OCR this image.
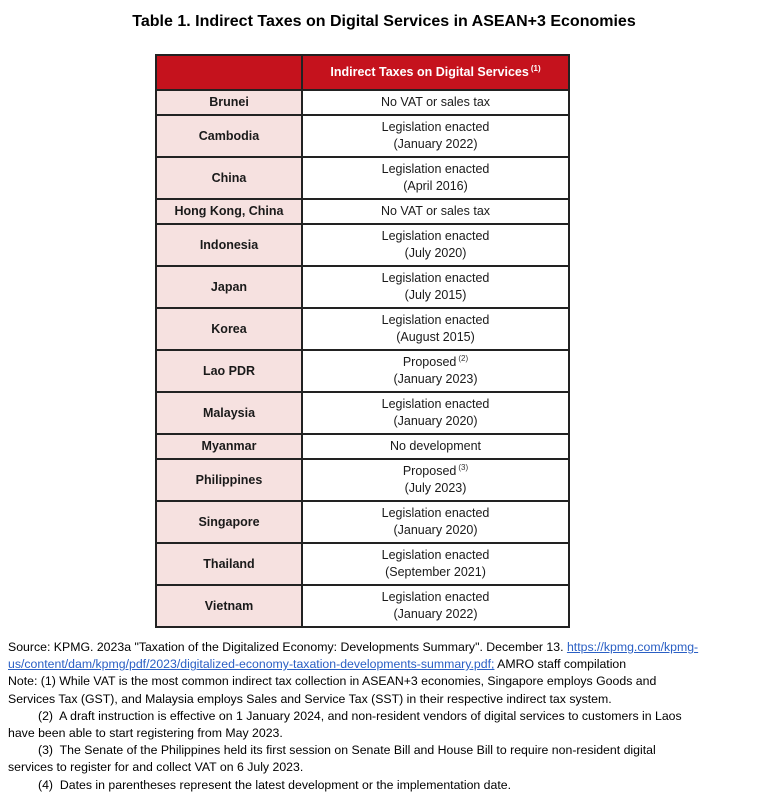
Table 1. Indirect Taxes on Digital Services in ASEAN+3 Economies
	Indirect Taxes on Digital Services $^{(1)}$
Brunei	No VAT or sales tax
Cambodia	Legislation enacted
(January 2022)
China	Legislation enacted
(April 2016)
Hong Kong, China	No VAT or sales tax
Indonesia	Legislation enacted
(July 2020)
Japan	Legislation enacted
(July 2015)
Korea	Legislation enacted
(August 2015)
Lao PDR	Proposed $^{(2)}$
(January 2023)
Malaysia	Legislation enacted
(January 2020)
Myanmar	No development
Philippines	Proposed $^{(3)}$
(July 2023)
Singapore	Legislation enacted
(January 2020)
Thailand	Legislation enacted
(September 2021)
Vietnam	Legislation enacted
(January 2022)
Source: KPMG. 2023a "Taxation of the Digitalized Economy: Developments Summary". December 13. https://kpmg.com/kpmg-
us/content/dam/kpmg/pdf/2023/digitalized-economy-taxation-developments-summary.pdf; AMRO staff compilation
Note: (1) While VAT is the most common indirect tax collection in ASEAN+3 economies, Singapore employs Goods and
Services Tax (GST), and Malaysia employs Sales and Service Tax (SST) in their respective indirect tax system.
(2)  A draft instruction is effective on 1 January 2024, and non-resident vendors of digital services to customers in Laos
have been able to start registering from May 2023.
(3)  The Senate of the Philippines held its first session on Senate Bill and House Bill to require non-resident digital
services to register for and collect VAT on 6 July 2023.
(4)  Dates in parentheses represent the latest development or the implementation date.
